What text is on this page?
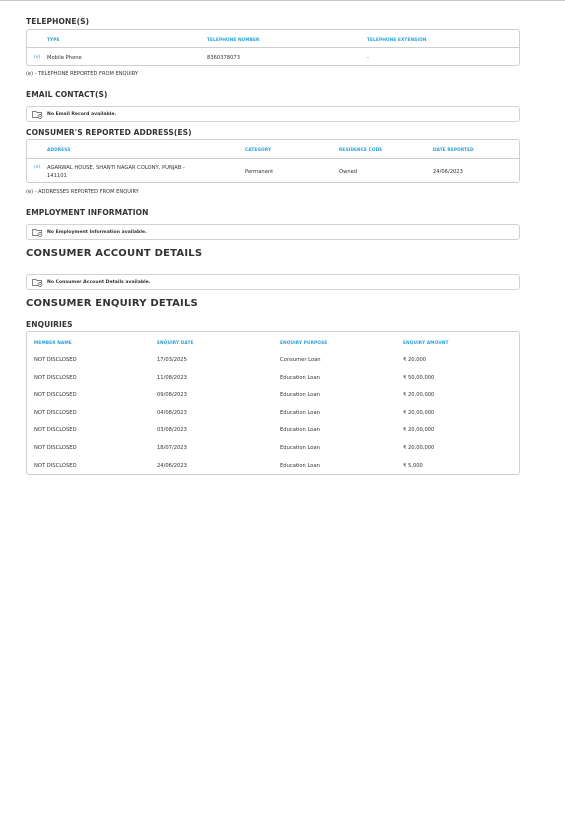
TELEPHONE(S)
TYPE	TELEPHONE NUMBER	TELEPHONE EXTENSION
(e) Mobile Phone	8360378073	-
(e) - TELEPHONE REPORTED FROM ENQUIRY
EMAIL CONTACT(S)
No Email Record available.
CONSUMER'S REPORTED ADDRESS(ES)
ADDRESS	CATEGORY	RESIDENCE CODE	DATE REPORTED
(e) AGARWAL HOUSE, SHANTI NAGAR COLONY, PUNJAB -
141101
Permanent	Owned	24/06/2023
(e) - ADDRESSES REPORTED FROM ENQUIRY
EMPLOYMENT INFORMATION
No Employment Information available.
CONSUMER ACCOUNT DETAILS
No Consumer Account Details available.
CONSUMER ENQUIRY DETAILS
ENQUIRIES
MEMBER NAME	ENQUIRY DATE	ENQUIRY PURPOSE	ENQUIRY AMOUNT
NOT DISCLOSED	17/03/2025	Consumer Loan	₹ 20,000
NOT DISCLOSED	11/08/2023	Education Loan	₹ 50,00,000
NOT DISCLOSED	09/08/2023	Education Loan	₹ 20,00,000
NOT DISCLOSED	04/08/2023	Education Loan	₹ 20,00,000
NOT DISCLOSED	03/08/2023	Education Loan	₹ 20,00,000
NOT DISCLOSED	18/07/2023	Education Loan	₹ 20,00,000
NOT DISCLOSED	24/06/2023	Education Loan	₹ 5,000
